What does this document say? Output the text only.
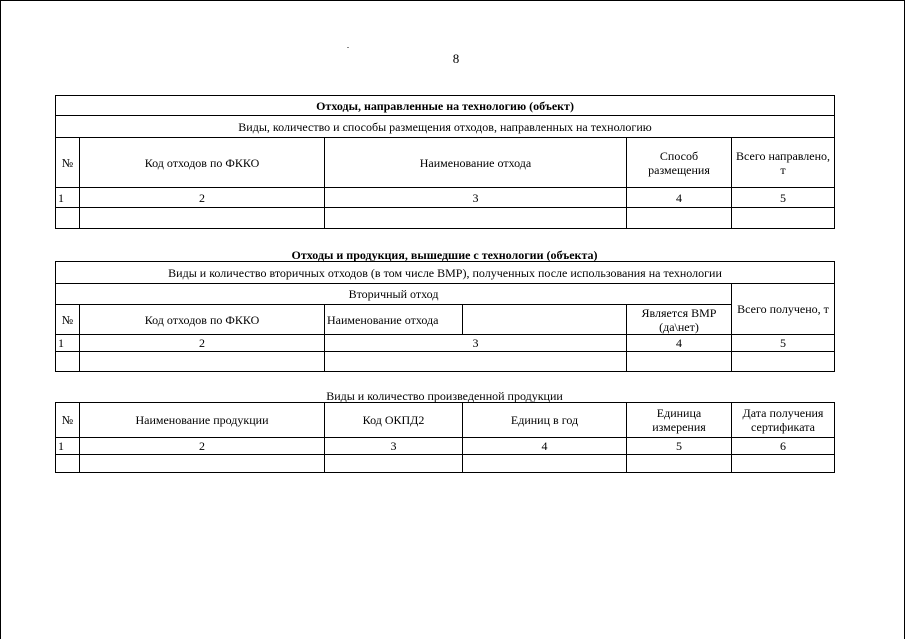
8
Отходы, направленные на технологию (объект)				
Виды, количество и способы размещения отходов, направленных на технологию				
№	Код отходов по ФККО	Наименование отхода	Способ размещения	Всего направлено, т
1	2	3	4	5

Отходы и продукция, вышедшие с технологии (объекта)
Виды и количество вторичных отходов (в том числе ВМР), полученных после использования на технологии					
Вторичный отход					Всего получено, т
№	Код отходов по ФККО	Наименование отхода		Является ВМР (да\нет)	
1	2	3		4	5

Виды и количество произведенной продукции
№	Наименование продукции	Код ОКПД2	Единиц в год	Единица измерения	Дата получения сертификата
1	2	3	4	5	6
